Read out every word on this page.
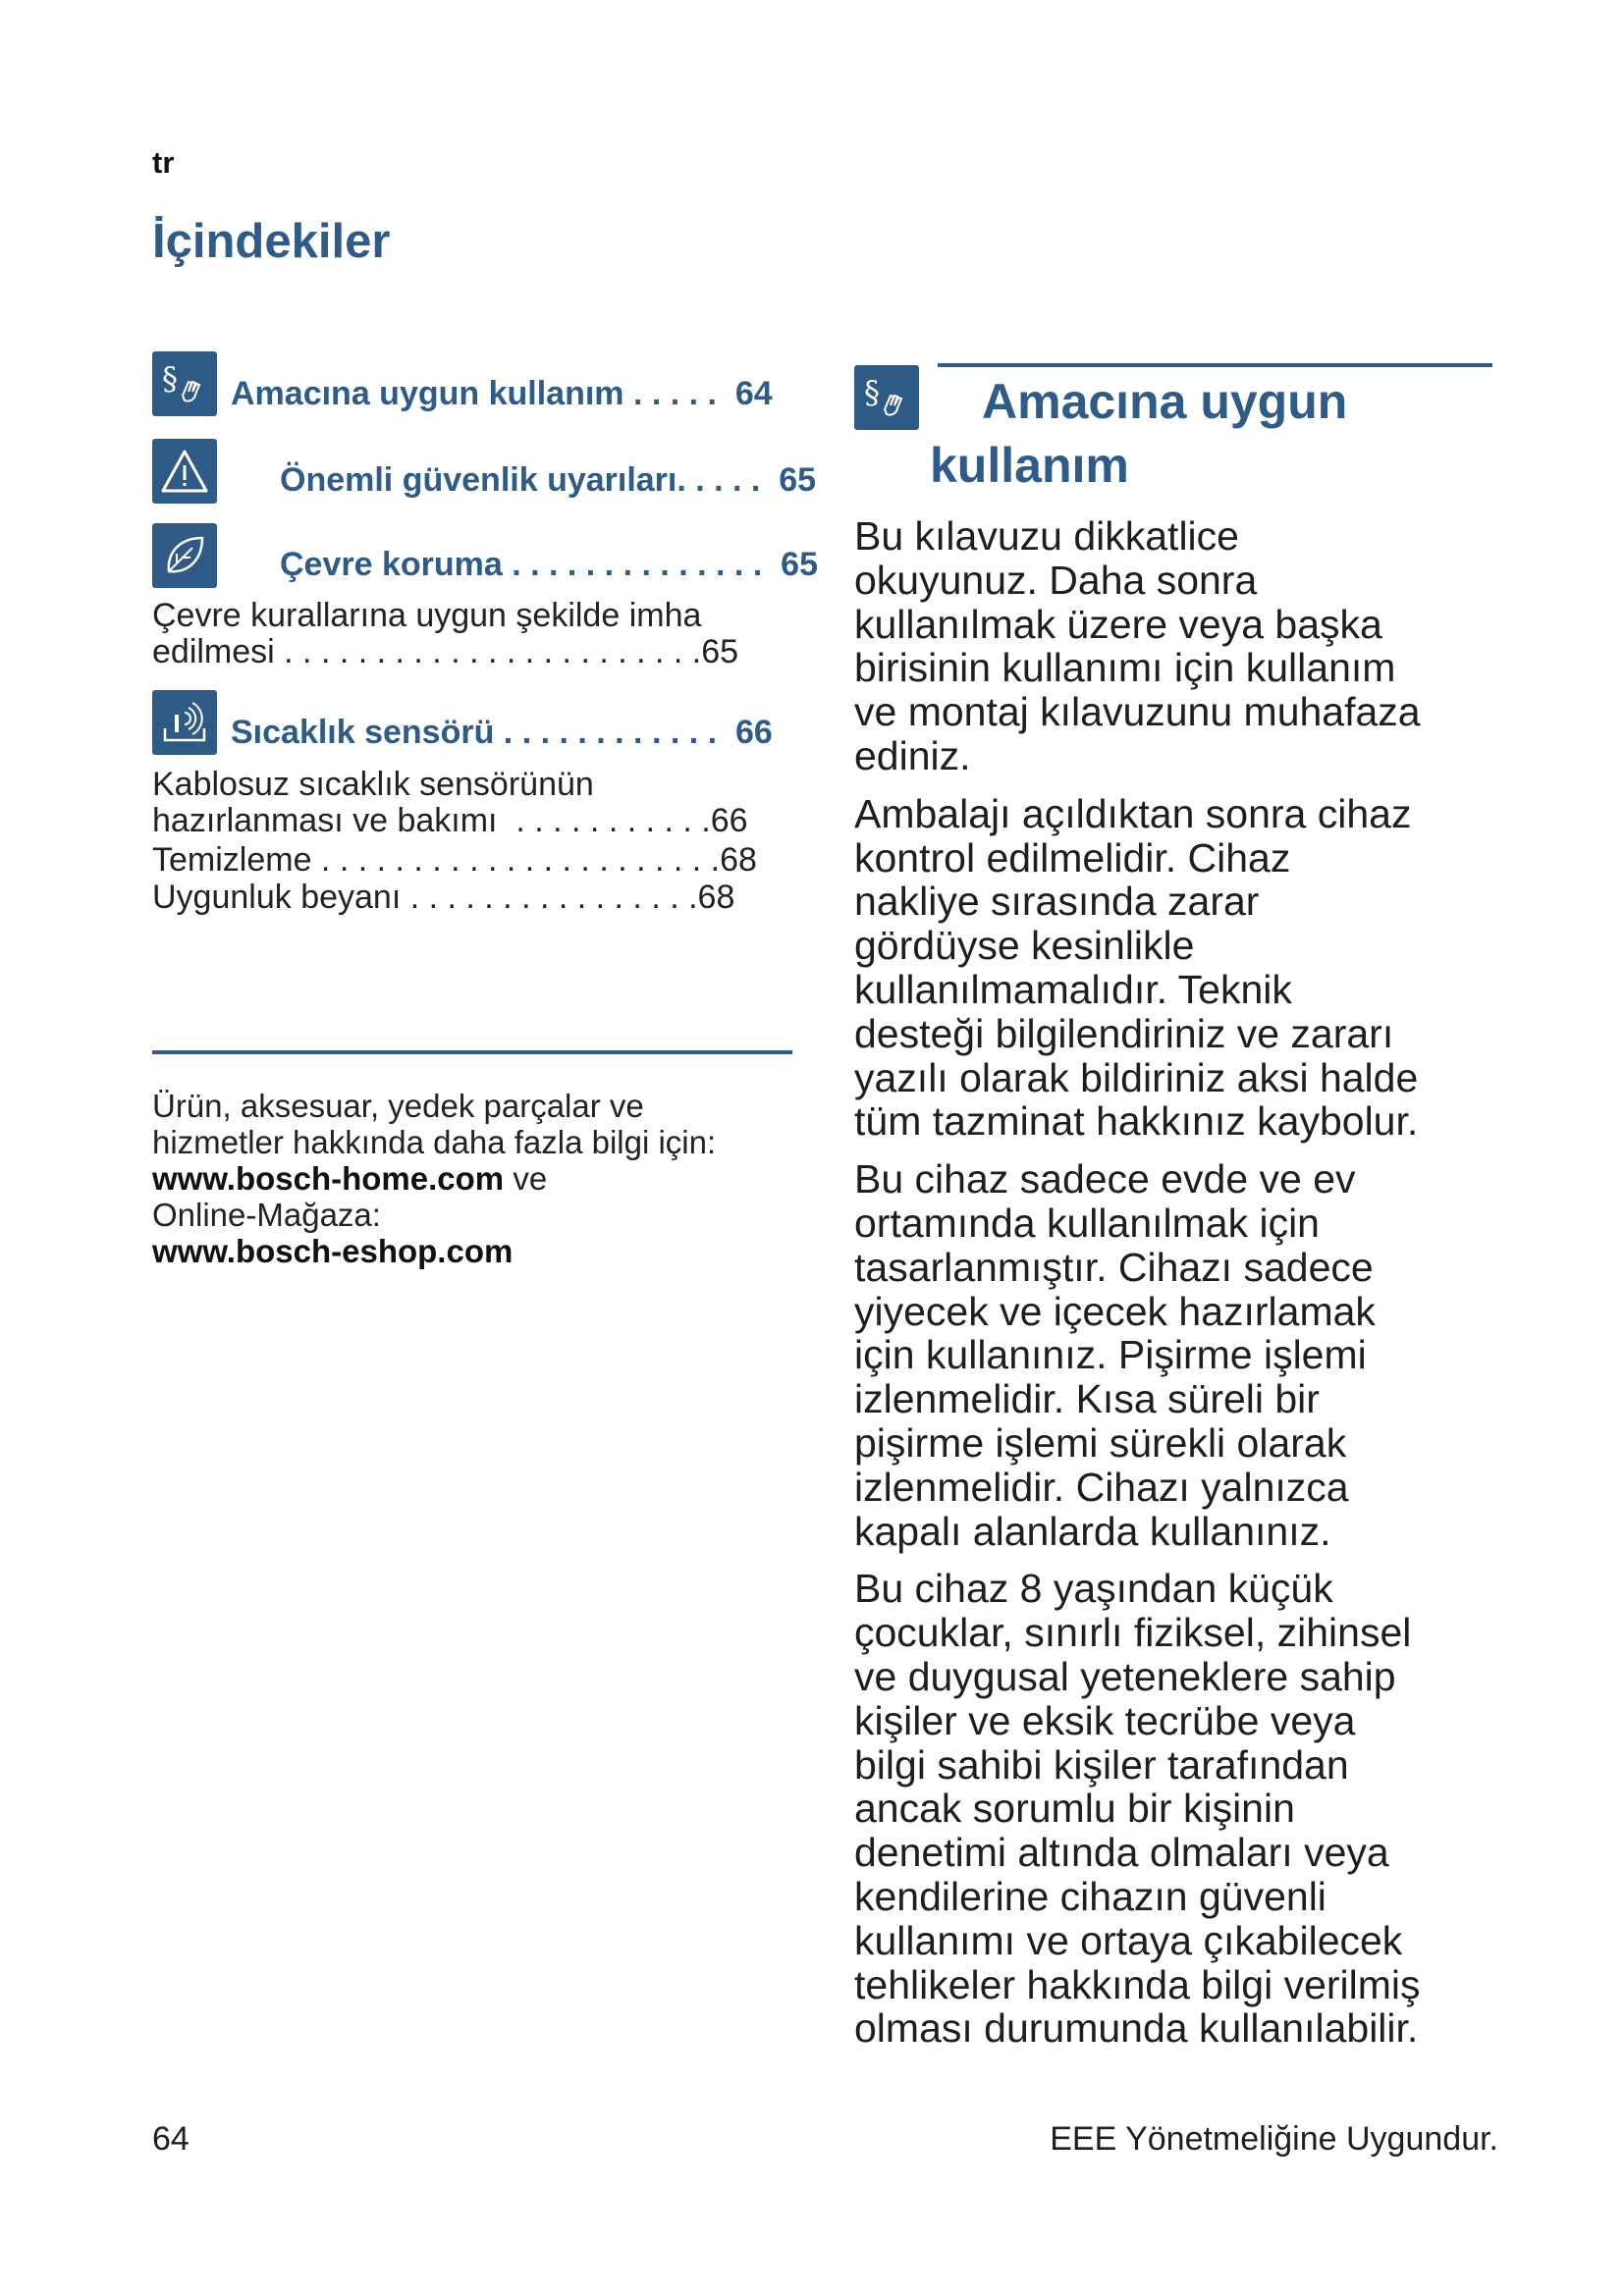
tr
İçindekiler
§ Amacına uygun kullanım . . . . .  64
Önemli güvenlik uyarıları. . . . .  65
Çevre koruma . . . . . . . . . . . . . .  65
Çevre kurallarına uygun şekilde imha
edilmesi . . . . . . . . . . . . . . . . . . . . . . .65
Sıcaklık sensörü . . . . . . . . . . . .  66
Kablosuz sıcaklık sensörünün
hazırlanması ve bakımı  . . . . . . . . . . .66
Temizleme . . . . . . . . . . . . . . . . . . . . . .68
Uygunluk beyanı . . . . . . . . . . . . . . . .68
Ürün, aksesuar, yedek parçalar ve
hizmetler hakkında daha fazla bilgi için:
www.bosch-home.com ve
Online-Mağaza:
www.bosch-eshop.com
§ Amacına uygun
kullanım

Bu kılavuzu dikkatlice
okuyunuz. Daha sonra
kullanılmak üzere veya başka
birisinin kullanımı için kullanım
ve montaj kılavuzunu muhafaza
ediniz.

Ambalajı açıldıktan sonra cihaz
kontrol edilmelidir. Cihaz
nakliye sırasında zarar
gördüyse kesinlikle
kullanılmamalıdır. Teknik
desteği bilgilendiriniz ve zararı
yazılı olarak bildiriniz aksi halde
tüm tazminat hakkınız kaybolur.

Bu cihaz sadece evde ve ev
ortamında kullanılmak için
tasarlanmıştır. Cihazı sadece
yiyecek ve içecek hazırlamak
için kullanınız. Pişirme işlemi
izlenmelidir. Kısa süreli bir
pişirme işlemi sürekli olarak
izlenmelidir. Cihazı yalnızca
kapalı alanlarda kullanınız.

Bu cihaz 8 yaşından küçük
çocuklar, sınırlı fiziksel, zihinsel
ve duygusal yeteneklere sahip
kişiler ve eksik tecrübe veya
bilgi sahibi kişiler tarafından
ancak sorumlu bir kişinin
denetimi altında olmaları veya
kendilerine cihazın güvenli
kullanımı ve ortaya çıkabilecek
tehlikeler hakkında bilgi verilmiş
olması durumunda kullanılabilir.

64	EEE Yönetmeliğine Uygundur.
